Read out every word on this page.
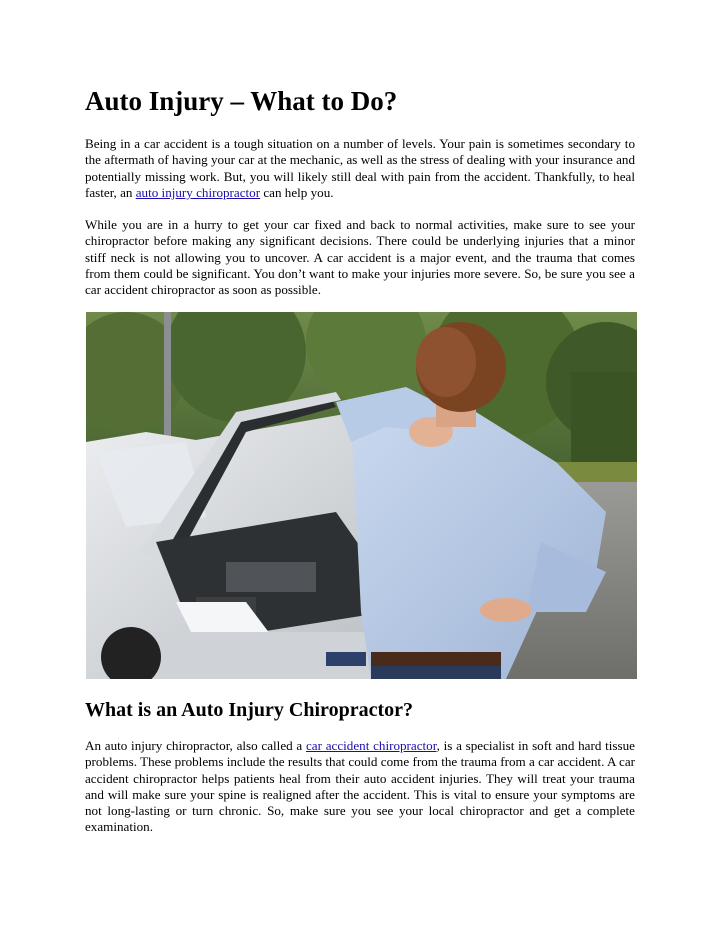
Auto Injury – What to Do?

Being in a car accident is a tough situation on a number of levels. Your pain is sometimes secondary to the aftermath of having your car at the mechanic, as well as the stress of dealing with your insurance and potentially missing work. But, you will likely still deal with pain from the accident. Thankfully, to heal faster, an auto injury chiropractor can help you.

While you are in a hurry to get your car fixed and back to normal activities, make sure to see your chiropractor before making any significant decisions. There could be underlying injuries that a minor stiff neck is not allowing you to uncover. A car accident is a major event, and the trauma that comes from them could be significant. You don’t want to make your injuries more severe. So, be sure you see a car accident chiropractor as soon as possible.

What is an Auto Injury Chiropractor?

An auto injury chiropractor, also called a car accident chiropractor, is a specialist in soft and hard tissue problems. These problems include the results that could come from the trauma from a car accident. A car accident chiropractor helps patients heal from their auto accident injuries. They will treat your trauma and will make sure your spine is realigned after the accident. This is vital to ensure your symptoms are not long-lasting or turn chronic. So, make sure you see your local chiropractor and get a complete examination.
